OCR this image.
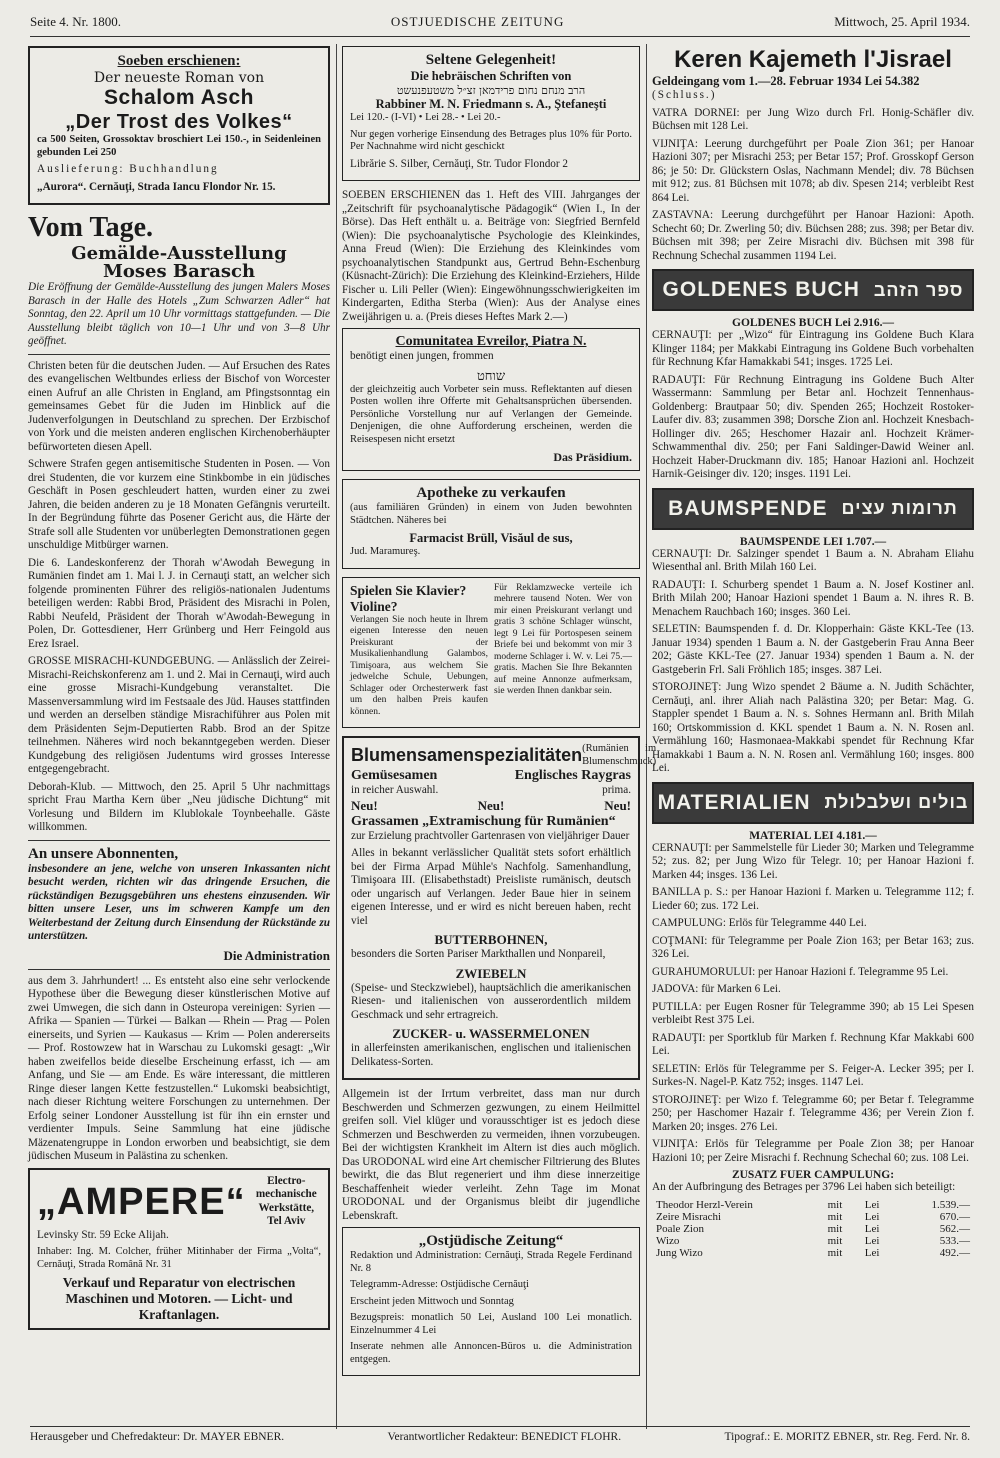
Seite 4. Nr. 1800.	OSTJUEDISCHE ZEITUNG	Mittwoch, 25. April 1934.
Soeben erschienen:
Der neueste Roman von
Schalom Asch
„Der Trost des Volkes“
ca 500 Seiten, Grossoktav broschiert Lei 150.-, in Seidenleinen gebunden Lei 250
Auslieferung: Buchhandlung
„Aurora“. Cernăuţi, Strada Iancu Flondor Nr. 15.
Vom Tage.
Gemälde-Ausstellung
Moses Barasch

Die Eröffnung der Gemälde-Ausstellung des jungen Malers Moses Barasch in der Halle des Hotels „Zum Schwarzen Adler“ hat Sonntag, den 22. April um 10 Uhr vormittags stattgefunden. — Die Ausstellung bleibt täglich von 10—1 Uhr und von 3—8 Uhr geöffnet.

Christen beten für die deutschen Juden. — Auf Ersuchen des Rates des evangelischen Weltbundes erliess der Bischof von Worcester einen Aufruf an alle Christen in England, am Pfingstsonntag ein gemeinsames Gebet für die Juden im Hinblick auf die Judenverfolgungen in Deutschland zu sprechen. Der Erzbischof von York und die meisten anderen englischen Kirchenoberhäupter befürworteten diesen Apell.

Schwere Strafen gegen antisemitische Studenten in Posen. — Von drei Studenten, die vor kurzem eine Stinkbombe in ein jüdisches Geschäft in Posen geschleudert hatten, wurden einer zu zwei Jahren, die beiden anderen zu je 18 Monaten Gefängnis verurteilt. In der Begründung führte das Posener Gericht aus, die Härte der Strafe soll alle Studenten vor unüberlegten Demonstrationen gegen unschuldige Mitbürger warnen.

Die 6. Landeskonferenz der Thorah w'Awodah Bewegung in Rumänien findet am 1. Mai l. J. in Cernauţi statt, an welcher sich folgende prominenten Führer des religiös-nationalen Judentums beteiligen werden: Rabbi Brod, Präsident des Misrachi in Polen, Rabbi Neufeld, Präsident der Thorah w'Awodah-Bewegung in Polen, Dr. Gottesdiener, Herr Grünberg und Herr Feingold aus Erez Israel.

GROSSE MISRACHI-KUNDGEBUNG. — Anlässlich der Zeirei-Misrachi-Reichskonferenz am 1. und 2. Mai in Cernauţi, wird auch eine grosse Misrachi-Kundgebung veranstaltet. Die Massenversammlung wird im Festsaale des Jüd. Hauses stattfinden und werden an derselben ständige Misrachiführer aus Polen mit dem Präsidenten Sejm-Deputierten Rabb. Brod an der Spitze teilnehmen. Näheres wird noch bekanntgegeben werden. Dieser Kundgebung des religiösen Judentums wird grosses Interesse entgegengebracht.

Deborah-Klub. — Mittwoch, den 25. April 5 Uhr nachmittags spricht Frau Martha Kern über „Neu jüdische Dichtung“ mit Vorlesung und Bildern im Klublokale Toynbeehalle. Gäste willkommen.

An unsere Abonnenten,

insbesondere an jene, welche von unseren Inkassanten nicht besucht werden, richten wir das dringende Ersuchen, die rückständigen Bezugsgebühren uns ehestens einzusenden. Wir bitten unsere Leser, uns im schweren Kampfe um den Weiterbestand der Zeitung durch Einsendung der Rückstände zu unterstützen.

Die Administration

aus dem 3. Jahrhundert! ... Es entsteht also eine sehr verlockende Hypothese über die Bewegung dieser künstlerischen Motive auf zwei Umwegen, die sich dann in Osteuropa vereinigen: Syrien — Afrika — Spanien — Türkei — Balkan — Rhein — Prag — Polen einerseits, und Syrien — Kaukasus — Krim — Polen andererseits — Prof. Rostowzew hat in Warschau zu Lukomski gesagt: „Wir haben zweifellos beide dieselbe Erscheinung erfasst, ich — am Anfang, und Sie — am Ende. Es wäre interessant, die mittleren Ringe dieser langen Kette festzustellen.“ Lukomski beabsichtigt, nach dieser Richtung weitere Forschungen zu unternehmen. Der Erfolg seiner Londoner Ausstellung ist für ihn ein ernster und verdienter Impuls. Seine Sammlung hat eine jüdische Mäzenatengruppe in London erworben und beabsichtigt, sie dem jüdischen Museum in Palästina zu schenken.

„AMPERE“	Electro-mechanische Werkstätte, Tel Aviv
Levinsky Str. 59 Ecke Alijah.
Inhaber: Ing. M. Colcher, früher Mitinhaber der Firma „Volta“, Cernăuţi, Strada Română Nr. 31
Verkauf und Reparatur von electrischen Maschinen und Motoren. — Licht- und Kraftanlagen.
Seltene Gelegenheit!
Die hebräischen Schriften von
הרב מנחם נחום פרידמאן זצ״ל משטעפנעשט
Rabbiner M. N. Friedmann s. A., Ştefaneşti
Lei 120.- (I-VI) • Lei 28.- • Lei 20.-
Nur gegen vorherige Einsendung des Betrages plus 10% für Porto. Per Nachnahme wird nicht geschickt
Librărie S. Silber, Cernăuţi, Str. Tudor Flondor 2

SOEBEN ERSCHIENEN das 1. Heft des VIII. Jahrganges der „Zeitschrift für psychoanalytische Pädagogik“ (Wien I., In der Börse). Das Heft enthält u. a. Beiträge von: Siegfried Bernfeld (Wien): Die psychoanalytische Psychologie des Kleinkindes, Anna Freud (Wien): Die Erziehung des Kleinkindes vom psychoanalytischen Standpunkt aus, Gertrud Behn-Eschenburg (Küsnacht-Zürich): Die Erziehung des Kleinkind-Erziehers, Hilde Fischer u. Lili Peller (Wien): Eingewöhnungsschwierigkeiten im Kindergarten, Editha Sterba (Wien): Aus der Analyse eines Zweijährigen u. a. (Preis dieses Heftes Mark 2.—)

Comunitatea Evreilor, Piatra N.
benötigt einen jungen, frommen
שוחט

der gleichzeitig auch Vorbeter sein muss. Reflektanten auf diesen Posten wollen ihre Offerte mit Gehaltsansprüchen übersenden. Persönliche Vorstellung nur auf Verlangen der Gemeinde. Denjenigen, die ohne Aufforderung erscheinen, werden die Reisespesen nicht ersetzt

Das Präsidium.
Apotheke zu verkaufen
(aus familiären Gründen) in einem von Juden bewohnten Städtchen. Näheres bei
Farmacist Brüll, Visăul de sus,
Jud. Maramureş.
Spielen Sie Klavier? Violine?

Verlangen Sie noch heute in Ihrem eigenen Interesse den neuen Preiskurant der Musikalienhandlung Galambos, Timişoara, aus welchem Sie jedwelche Schule, Uebungen, Schlager oder Orchesterwerk fast um den halben Preis kaufen können.

Für Reklamzwecke verteile ich mehrere tausend Noten. Wer von mir einen Preiskurant verlangt und gratis 3 schöne Schlager wünscht, legt 9 Lei für Portospesen seinem Briefe bei und bekommt von mir 3 moderne Schlager i. W. v. Lei 75.— gratis. Machen Sie Ihre Bekannten auf meine Annonze aufmerksam, sie werden Ihnen dankbar sein.

Blumensamenspezialitäten (Rumänien im Blumenschmuck)
Gemüsesamen	Englisches Raygras
in reicher Auswahl.	prima.
Neu!	Neu!	Neu!
Grassamen „Extramischung für Rumänien“
zur Erzielung prachtvoller Gartenrasen von vieljähriger Dauer

Alles in bekannt verlässlicher Qualität stets sofort erhältlich bei der Firma Arpad Mühle's Nachfolg. Samenhandlung, Timişoara III. (Elisabethstadt) Preisliste rumänisch, deutsch oder ungarisch auf Verlangen. Jeder Baue hier in seinem eigenen Interesse, und er wird es nicht bereuen haben, recht viel

BUTTERBOHNEN,
besonders die Sorten Pariser Markthallen und Nonpareil,
ZWIEBELN
(Speise- und Steckzwiebel), hauptsächlich die amerikanischen Riesen- und italienischen von ausserordentlich mildem Geschmack und sehr ertragreich.
ZUCKER- u. WASSERMELONEN
in allerfeinsten amerikanischen, englischen und italienischen Delikatess-Sorten.

Allgemein ist der Irrtum verbreitet, dass man nur durch Beschwerden und Schmerzen gezwungen, zu einem Heilmittel greifen soll. Viel klüger und vorausschtiger ist es jedoch diese Schmerzen und Beschwerden zu vermeiden, ihnen vorzubeugen. Bei der wichtigsten Krankheit im Altern ist dies auch möglich. Das URODONAL wird eine Art chemischer Filtrierung des Blutes bewirkt, die das Blut regeneriert und ihm diese innerzeitige Beschaffenheit wieder verleiht. Zehn Tage im Monat URODONAL und der Organismus bleibt dir jugendliche Lebenskraft.

„Ostjüdische Zeitung“
Redaktion und Administration: Cernăuţi, Strada Regele Ferdinand Nr. 8
Telegramm-Adresse: Ostjüdische Cernăuţi
Erscheint jeden Mittwoch und Sonntag
Bezugspreis: monatlich 50 Lei, Ausland 100 Lei monatlich. Einzelnummer 4 Lei
Inserate nehmen alle Annoncen-Büros u. die Administration entgegen.
Keren Kajemeth l'Jisrael
Geldeingang vom 1.—28. Februar 1934 Lei 54.382
(Schluss.)

VATRA DORNEI: per Jung Wizo durch Frl. Honig-Schäfler div. Büchsen mit 128 Lei.

VIJNIŢA: Leerung durchgeführt per Poale Zion 361; per Hanoar Hazioni 307; per Misrachi 253; per Betar 157; Prof. Grosskopf Gerson 86; je 50: Dr. Glückstern Oslas, Nachmann Mendel; div. 78 Büchsen mit 912; zus. 81 Büchsen mit 1078; ab div. Spesen 214; verbleibt Rest 864 Lei.

ZASTAVNA: Leerung durchgeführt per Hanoar Hazioni: Apoth. Schecht 60; Dr. Zwerling 50; div. Büchsen 288; zus. 398; per Betar div. Büchsen mit 398; per Zeire Misrachi div. Büchsen mit 398 für Rechnung Schechal zusammen 1194 Lei.

GOLDENES BUCH ספר הזהב
GOLDENES BUCH Lei 2.916.—

CERNAUŢI: per „Wizo“ für Eintragung ins Goldene Buch Klara Klinger 1184; per Makkabi Eintragung ins Goldene Buch vorbehalten für Rechnung Kfar Hamakkabi 541; insges. 1725 Lei.

RADAUŢI: Für Rechnung Eintragung ins Goldene Buch Alter Wassermann: Sammlung per Betar anl. Hochzeit Tennenhaus-Goldenberg: Brautpaar 50; div. Spenden 265; Hochzeit Rostoker-Laufer div. 83; zusammen 398; Dorsche Zion anl. Hochzeit Knesbach-Hollinger div. 265; Heschomer Hazair anl. Hochzeit Krämer-Schwammenthal div. 250; per Fani Saldinger-Dawid Weiner anl. Hochzeit Haber-Druckmann div. 185; Hanoar Hazioni anl. Hochzeit Harnik-Geisinger div. 120; insges. 1191 Lei.

BAUMSPENDE תרומות עצים
BAUMSPENDE LEI 1.707.—

CERNAUŢI: Dr. Salzinger spendet 1 Baum a. N. Abraham Eliahu Wiesenthal anl. Brith Milah 160 Lei.

RADAUŢI: I. Schurberg spendet 1 Baum a. N. Josef Kostiner anl. Brith Milah 200; Hanoar Hazioni spendet 1 Baum a. N. ihres R. B. Menachem Rauchbach 160; insges. 360 Lei.

SELETIN: Baumspenden f. d. Dr. Klopperhain: Gäste KKL-Tee (13. Januar 1934) spenden 1 Baum a. N. der Gastgeberin Frau Anna Beer 202; Gäste KKL-Tee (27. Januar 1934) spenden 1 Baum a. N. der Gastgeberin Frl. Sali Fröhlich 185; insges. 387 Lei.

STOROJINEŢ: Jung Wizo spendet 2 Bäume a. N. Judith Schächter, Cernăuţi, anl. ihrer Aliah nach Palästina 320; per Betar: Mag. G. Stappler spendet 1 Baum a. N. s. Sohnes Hermann anl. Brith Milah 160; Ortskommission d. KKL spendet 1 Baum a. N. N. Rosen anl. Vermählung 160; Hasmonaea-Makkabi spendet für Rechnung Kfar Hamakkabi 1 Baum a. N. N. Rosen anl. Vermählung 160; insges. 800 Lei.

MATERIALIEN בולים ושלבלולת
MATERIAL LEI 4.181.—

CERNAUŢI: per Sammelstelle für Lieder 30; Marken und Telegramme 52; zus. 82; per Jung Wizo für Telegr. 10; per Hanoar Hazioni f. Marken 44; insges. 136 Lei.

BANILLA p. S.: per Hanoar Hazioni f. Marken u. Telegramme 112; f. Lieder 60; zus. 172 Lei.

CAMPULUNG: Erlös für Telegramme 440 Lei.

COŢMANI: für Telegramme per Poale Zion 163; per Betar 163; zus. 326 Lei.

GURAHUMORULUI: per Hanoar Hazioni f. Telegramme 95 Lei.

JADOVA: für Marken 6 Lei.

PUTILLA: per Eugen Rosner für Telegramme 390; ab 15 Lei Spesen verbleibt Rest 375 Lei.

RADAUŢI: per Sportklub für Marken f. Rechnung Kfar Makkabi 600 Lei.

SELETIN: Erlös für Telegramme per S. Feiger-A. Lecker 395; per I. Surkes-N. Nagel-P. Katz 752; insges. 1147 Lei.

STOROJINEŢ: per Wizo f. Telegramme 60; per Betar f. Telegramme 250; per Haschomer Hazair f. Telegramme 436; per Verein Zion f. Marken 20; insges. 276 Lei.

VIJNIŢA: Erlös für Telegramme per Poale Zion 38; per Hanoar Hazioni 10; per Zeire Misrachi f. Rechnung Schechal 60; zus. 108 Lei.

ZUSATZ FUER CAMPULUNG:

An der Aufbringung des Betrages per 3796 Lei haben sich beteiligt:

Theodor Herzl-Verein	mit	Lei	1.539.—
Zeire Misrachi	mit	Lei	670.—
Poale Zion	mit	Lei	562.—
Wizo	mit	Lei	533.—
Jung Wizo	mit	Lei	492.—
Herausgeber und Chefredakteur: Dr. MAYER EBNER.	Verantwortlicher Redakteur: BENEDICT FLOHR.	Tipograf.: E. MORITZ EBNER, str. Reg. Ferd. Nr. 8.
